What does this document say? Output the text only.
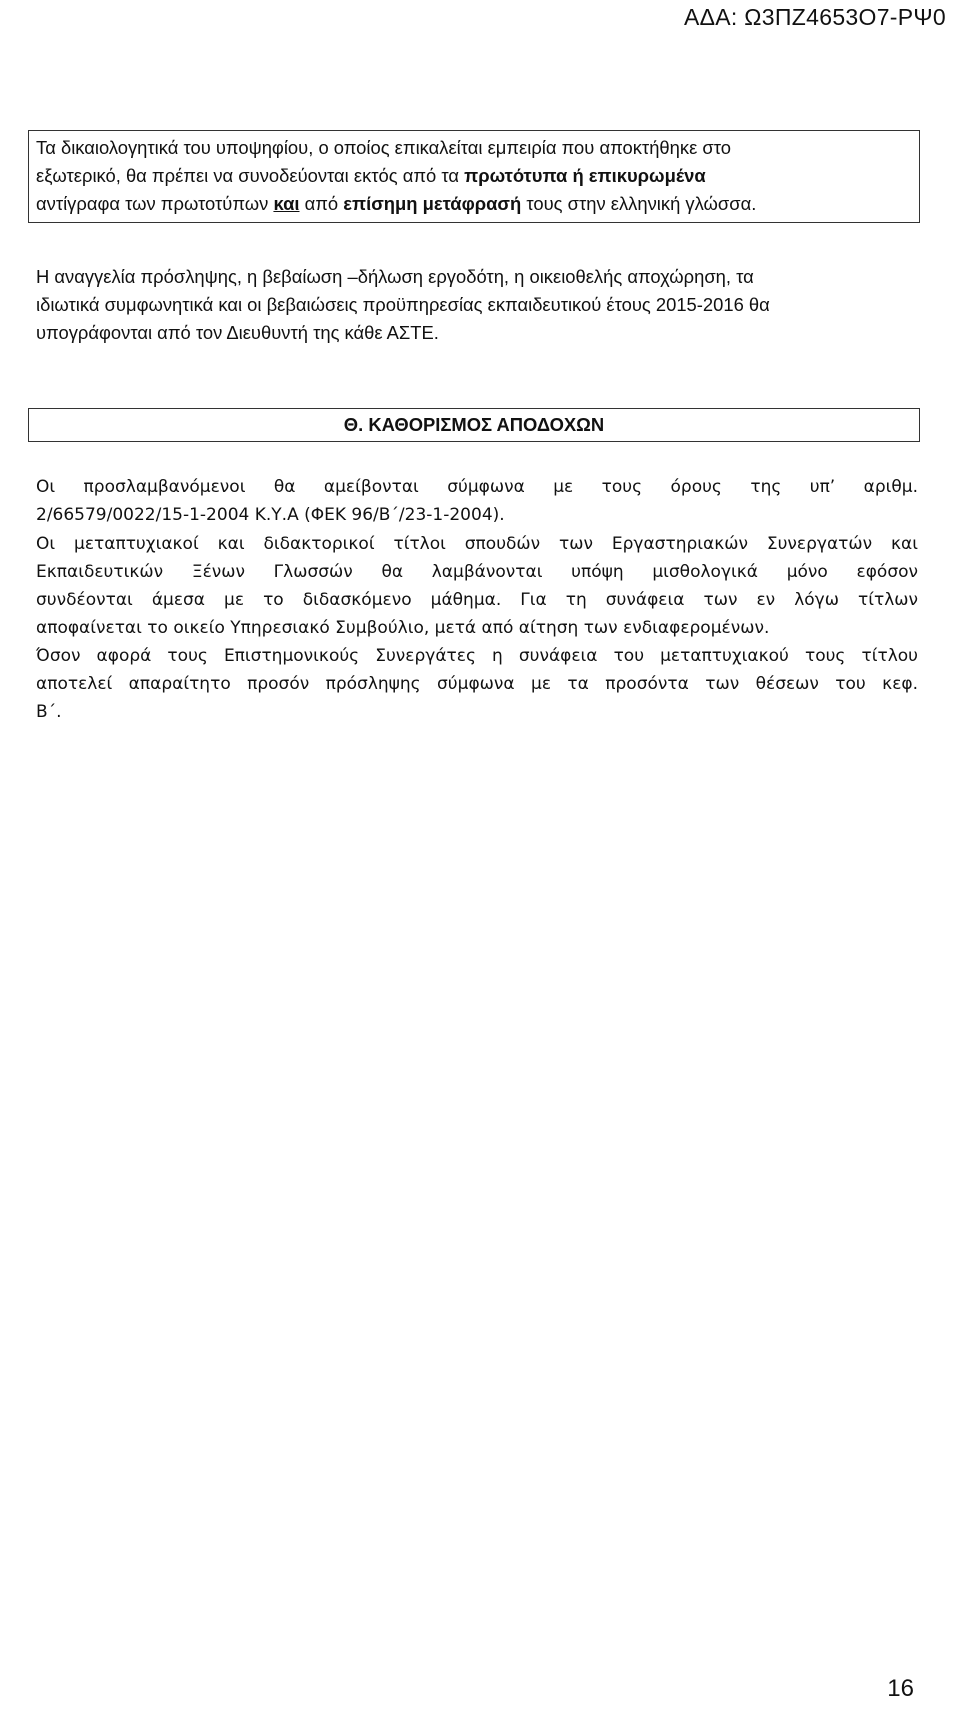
ΑΔΑ: Ω3ΠΖ4653Ο7-ΡΨ0
Τα δικαιολογητικά του υποψηφίου, ο οποίος επικαλείται εμπειρία που αποκτήθηκε στο
εξωτερικό, θα πρέπει να συνοδεύονται εκτός από τα πρωτότυπα ή επικυρωμένα
αντίγραφα των πρωτοτύπων και από επίσημη μετάφρασή τους στην ελληνική γλώσσα.
Η αναγγελία πρόσληψης, η βεβαίωση –δήλωση εργοδότη, η οικειοθελής αποχώρηση, τα
ιδιωτικά συμφωνητικά και οι βεβαιώσεις προϋπηρεσίας εκπαιδευτικού έτους 2015-2016 θα
υπογράφονται από τον Διευθυντή της κάθε ΑΣΤΕ.
Θ. ΚΑΘΟΡΙΣΜΟΣ ΑΠΟΔΟΧΩΝ
Οι προσλαμβανόμενοι θα αμείβονται σύμφωνα με τους όρους της υπ’ αριθμ.
2/66579/0022/15-1-2004 Κ.Υ.Α (ΦΕΚ 96/Β΄/23-1-2004).
Οι μεταπτυχιακοί και διδακτορικοί τίτλοι σπουδών των Εργαστηριακών Συνεργατών και
Εκπαιδευτικών Ξένων Γλωσσών θα λαμβάνονται υπόψη μισθολογικά μόνο εφόσον
συνδέονται άμεσα με το διδασκόμενο μάθημα. Για τη συνάφεια των εν λόγω τίτλων
αποφαίνεται το οικείο Υπηρεσιακό Συμβούλιο, μετά από αίτηση των ενδιαφερομένων.
Όσον αφορά τους Επιστημονικούς Συνεργάτες η συνάφεια του μεταπτυχιακού τους τίτλου
αποτελεί απαραίτητο προσόν πρόσληψης σύμφωνα με τα προσόντα των θέσεων του κεφ.
Β΄.
16
